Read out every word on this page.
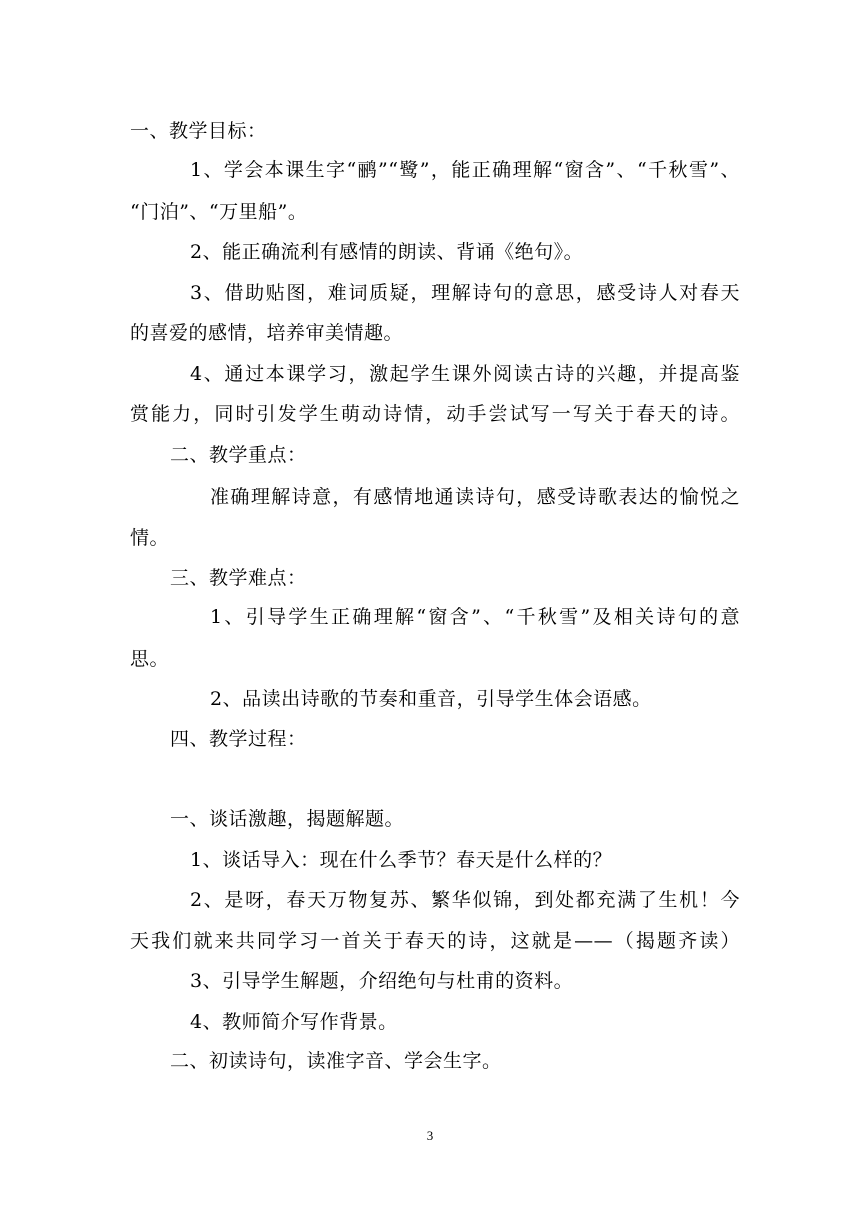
一、教学目标：
1、学会本课生字“鹂”“鹭”，能正确理解“窗含”、“千秋雪”、
“门泊”、“万里船”。
2、能正确流利有感情的朗读、背诵《绝句》。
3、借助贴图，难词质疑，理解诗句的意思，感受诗人对春天
的喜爱的感情，培养审美情趣。
4、通过本课学习，激起学生课外阅读古诗的兴趣，并提高鉴
赏能力，同时引发学生萌动诗情，动手尝试写一写关于春天的诗。
二、教学重点：
准确理解诗意，有感情地通读诗句，感受诗歌表达的愉悦之
情。
三、教学难点：
1、引导学生正确理解“窗含”、“千秋雪”及相关诗句的意
思。
2、品读出诗歌的节奏和重音，引导学生体会语感。
四、教学过程：
一、谈话激趣，揭题解题。
1、谈话导入：现在什么季节？春天是什么样的？
2、是呀，春天万物复苏、繁华似锦，到处都充满了生机！今
天我们就来共同学习一首关于春天的诗，这就是——（揭题齐读）
3、引导学生解题，介绍绝句与杜甫的资料。
4、教师简介写作背景。
二、初读诗句，读准字音、学会生字。
3
